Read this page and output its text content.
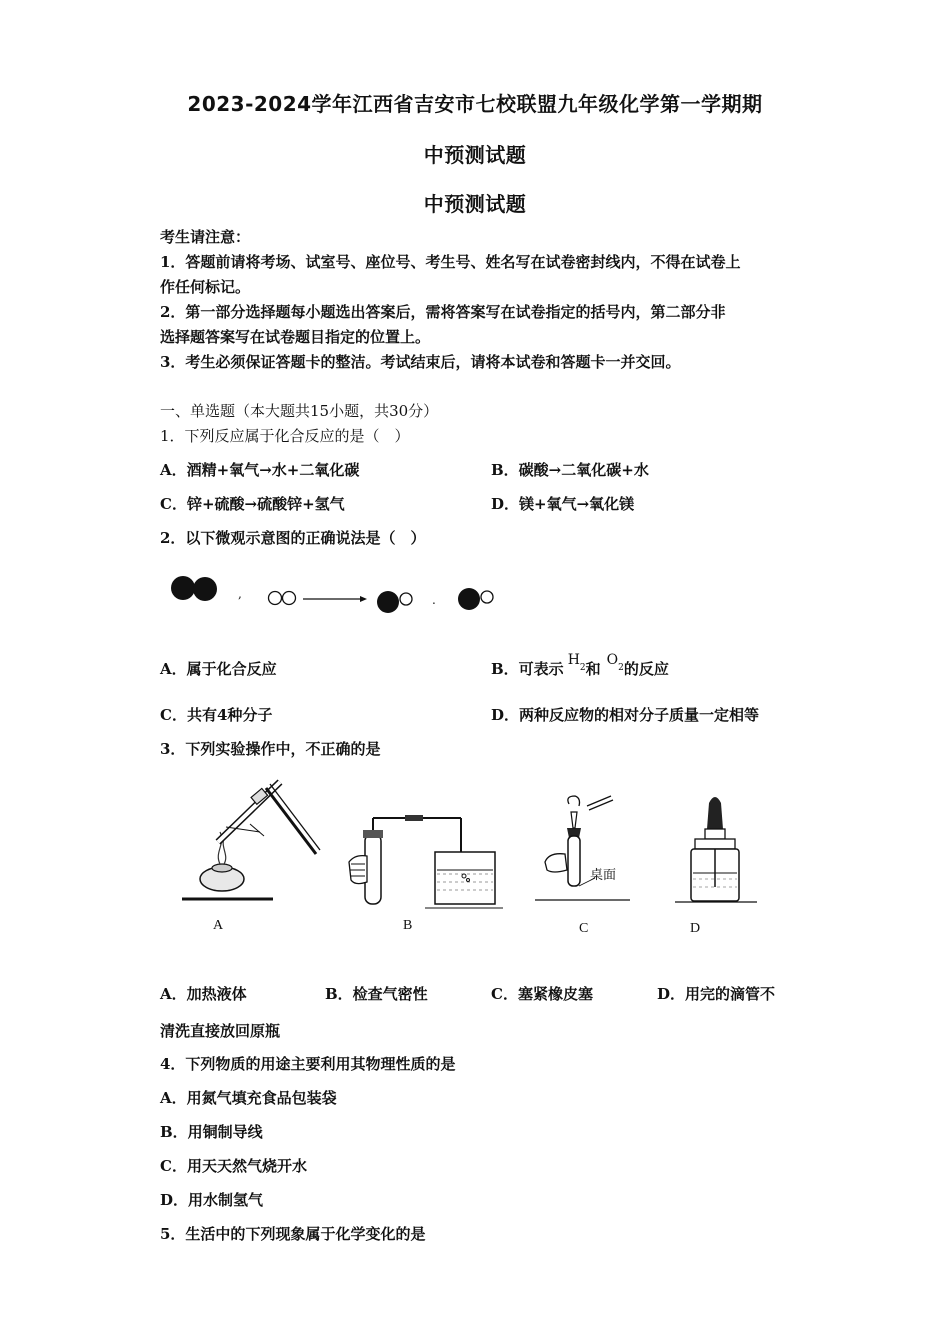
2023-2024学年江西省吉安市七校联盟九年级化学第一学期期
中预测试题
中预测试题
考生请注意：
1．答题前请将考场、试室号、座位号、考生号、姓名写在试卷密封线内，不得在试卷上
作任何标记。
2．第一部分选择题每小题选出答案后，需将答案写在试卷指定的括号内，第二部分非
选择题答案写在试卷题目指定的位置上。
3．考生必须保证答题卡的整洁。考试结束后，请将本试卷和答题卡一并交回。
一、单选题（本大题共15小题，共30分）
1．下列反应属于化合反应的是（　）
A．酒精+氧气→水+二氧化碳	B．碳酸→二氧化碳+水
C．锌+硫酸→硫酸锌+氢气	D．镁+氧气→氧化镁
2．以下微观示意图的正确说法是（　）
,	.
A．属于化合反应	B．可表示 $H^2$和 $O^2$的反应
C．共有4种分子	D．两种反应物的相对分子质量一定相等
3．下列实验操作中，不正确的是
A	B
桌面
C	D
A．加热液体	B．检查气密性	C．塞紧橡皮塞	D．用完的滴管不
清洗直接放回原瓶
4．下列物质的用途主要利用其物理性质的是
A．用氮气填充食品包装袋
B．用铜制导线
C．用天天然气烧开水
D．用水制氢气
5．生活中的下列现象属于化学变化的是
